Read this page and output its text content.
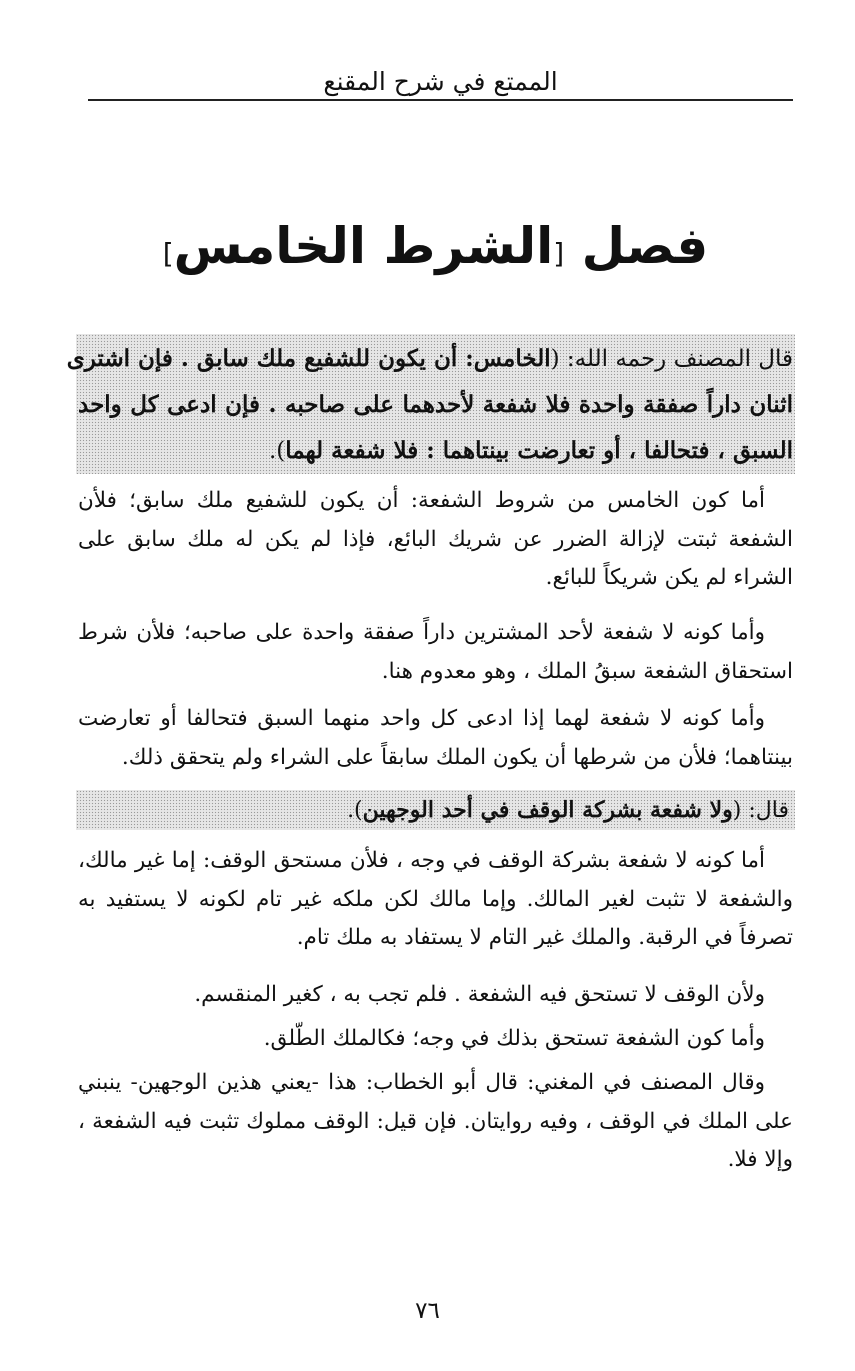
الممتع في شرح المقنع
فصل [الشرط الخامس]
قال المصنف رحمه الله: (الخامس: أن يكون للشفيع ملك سابق . فإن اشترى
اثنان داراً صفقة واحدة فلا شفعة لأحدهما على صاحبه . فإن ادعى كل واحد
السبق ، فتحالفا ، أو تعارضت بينتاهما : فلا شفعة لهما).
أما كون الخامس من شروط الشفعة: أن يكون للشفيع ملك سابق؛ فلأن الشفعة ثبتت لإزالة الضرر عن شريك البائع، فإذا لم يكن له ملك سابق على الشراء لم يكن شريكاً للبائع.
وأما كونه لا شفعة لأحد المشترين داراً صفقة واحدة على صاحبه؛ فلأن شرط استحقاق الشفعة سبقُ الملك ، وهو معدوم هنا.
وأما كونه لا شفعة لهما إذا ادعى كل واحد منهما السبق فتحالفا أو تعارضت بينتاهما؛ فلأن من شرطها أن يكون الملك سابقاً على الشراء ولم يتحقق ذلك.
قال: (ولا شفعة بشركة الوقف في أحد الوجهين).
أما كونه لا شفعة بشركة الوقف في وجه ، فلأن مستحق الوقف: إما غير مالك، والشفعة لا تثبت لغير المالك. وإما مالك لكن ملكه غير تام لكونه لا يستفيد به تصرفاً في الرقبة. والملك غير التام لا يستفاد به ملك تام.
ولأن الوقف لا تستحق فيه الشفعة . فلم تجب به ، كغير المنقسم.
وأما كون الشفعة تستحق بذلك في وجه؛ فكالملك الطّلق.
وقال المصنف في المغني: قال أبو الخطاب: هذا -يعني هذين الوجهين- ينبني على الملك في الوقف ، وفيه روايتان. فإن قيل: الوقف مملوك تثبت فيه الشفعة ، وإلا فلا.
٧٦
